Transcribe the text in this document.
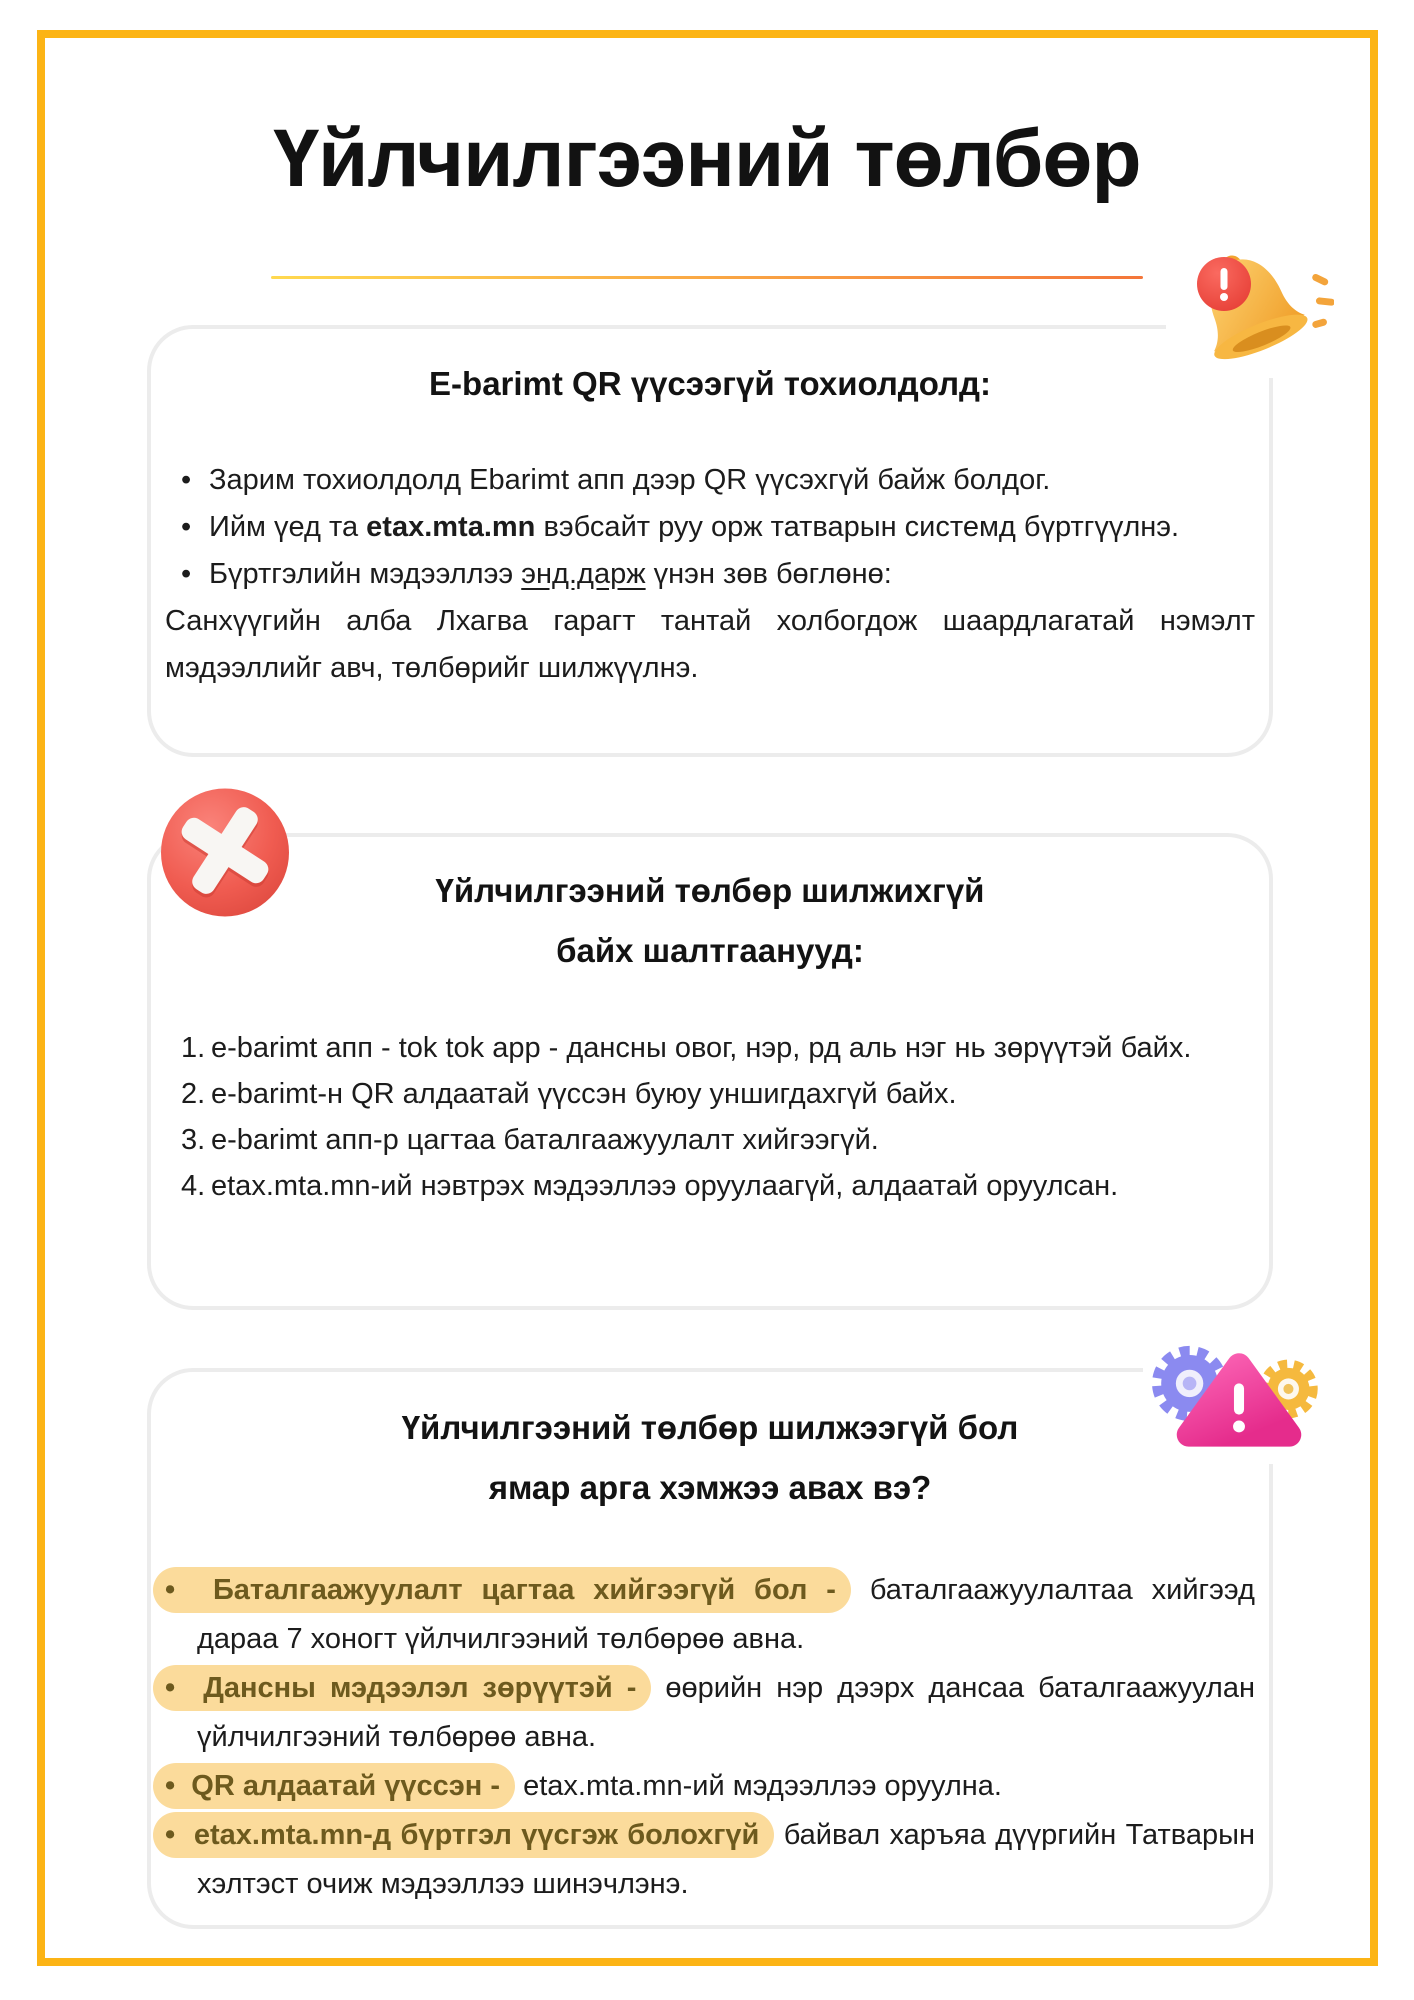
Үйлчилгээний төлбөр
E-barimt QR үүсээгүй тохиолдолд:
• Зарим тохиолдолд Ebarimt апп дээр QR үүсэхгүй байж болдог.
• Ийм үед та etax.mta.mn вэбсайт руу орж татварын системд бүртгүүлнэ.
• Бүртгэлийн мэдээллээ энд.дарж үнэн зөв бөглөнө:

Санхүүгийн алба Лхагва гарагт тантай холбогдож шаардлагатай нэмэлт мэдээллийг авч, төлбөрийг шилжүүлнэ.

Үйлчилгээний төлбөр шилжихгүй
байх шалтгаанууд:
1. e-barimt апп - tok tok app - дансны овог, нэр, рд аль нэг нь зөрүүтэй байх.
2. e-barimt-н QR алдаатай үүссэн буюу уншигдахгүй байх.
3. e-barimt апп-р цагтаа баталгаажуулалт хийгээгүй.
4. etax.mta.mn-ий нэвтрэх мэдээллээ оруулаагүй, алдаатай оруулсан.
Үйлчилгээний төлбөр шилжээгүй бол
ямар арга хэмжээ авах вэ?

• Баталгаажуулалт цагтаа хийгээгүй бол - баталгаажуулалтаа хийгээд дараа 7 хоногт үйлчилгээний төлбөрөө авна.

• Дансны мэдээлэл зөрүүтэй - өөрийн нэр дээрх дансаа баталгаажуулан үйлчилгээний төлбөрөө авна.

• QR алдаатай үүссэн - etax.mta.mn-ий мэдээллээ оруулна.

• etax.mta.mn-д бүртгэл үүсгэж болохгүй байвал харъяа дүүргийн Татварын хэлтэст очиж мэдээллээ шинэчлэнэ.
